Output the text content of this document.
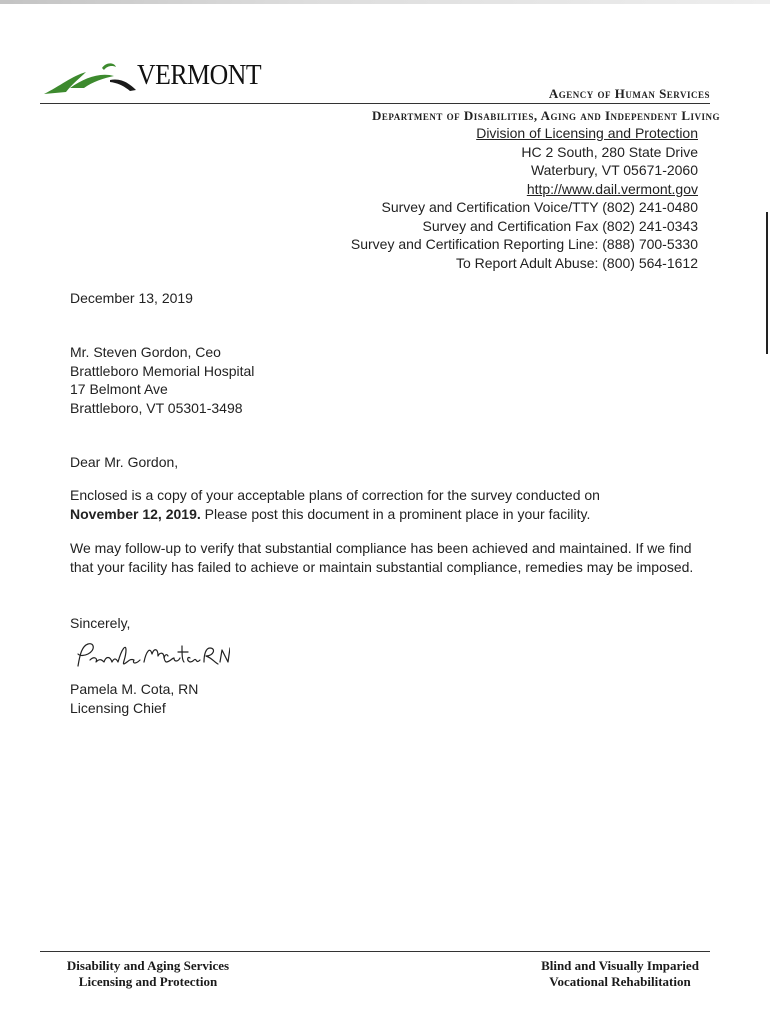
VERMONT
Agency of Human Services
Department of Disabilities, Aging and Independent Living
Division of Licensing and Protection
HC 2 South, 280 State Drive
Waterbury, VT 05671-2060
http://www.dail.vermont.gov
Survey and Certification Voice/TTY (802) 241-0480
Survey and Certification Fax (802) 241-0343
Survey and Certification Reporting Line: (888) 700-5330
To Report Adult Abuse: (800) 564-1612
December 13, 2019
Mr. Steven Gordon, Ceo
Brattleboro Memorial Hospital
17 Belmont Ave
Brattleboro, VT 05301-3498
Dear Mr. Gordon,
Enclosed is a copy of your acceptable plans of correction for the survey conducted on
November 12, 2019. Please post this document in a prominent place in your facility.
We may follow-up to verify that substantial compliance has been achieved and maintained. If we find that your facility has failed to achieve or maintain substantial compliance, remedies may be imposed.
Sincerely,
Pamela M. Cota, RN
Licensing Chief
Disability and Aging Services
Licensing and Protection
Blind and Visually Imparied
Vocational Rehabilitation
